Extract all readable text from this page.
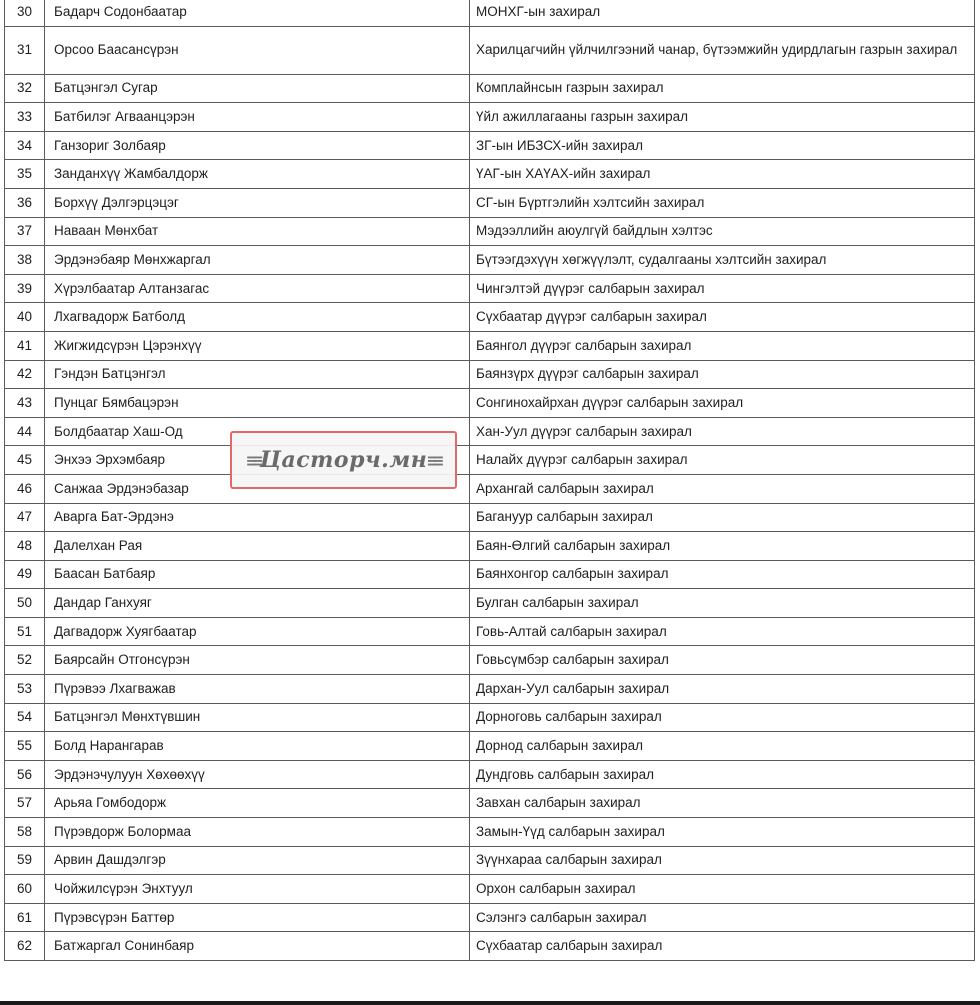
30	Бадарч Содонбаатар	МОНХГ-ын захирал
31	Орсоо Баасансүрэн	Харилцагчийн үйлчилгээний чанар, бүтээмжийн удирдлагын газрын захирал
32	Батцэнгэл Сугар	Комплайнсын газрын захирал
33	Батбилэг Агваанцэрэн	Үйл ажиллагааны газрын захирал
34	Ганзориг Золбаяр	ЗГ-ын ИБЗСХ-ийн захирал
35	Занданхүү Жамбалдорж	ҮАГ-ын ХАҮАХ-ийн захирал
36	Борхүү Дэлгэрцэцэг	СГ-ын Бүртгэлийн хэлтсийн захирал
37	Наваан Мөнхбат	Мэдээллийн аюулгүй байдлын хэлтэс
38	Эрдэнэбаяр Мөнхжаргал	Бүтээгдэхүүн хөгжүүлэлт, судалгааны хэлтсийн захирал
39	Хүрэлбаатар Алтанзагас	Чингэлтэй дүүрэг салбарын захирал
40	Лхагвадорж Батболд	Сүхбаатар дүүрэг салбарын захирал
41	Жигжидсүрэн Цэрэнхүү	Баянгол дүүрэг салбарын захирал
42	Гэндэн Батцэнгэл	Баянзүрх дүүрэг салбарын захирал
43	Пунцаг Бямбацэрэн	Сонгинохайрхан дүүрэг салбарын захирал
44	Болдбаатар Хаш-Од	Хан-Уул дүүрэг салбарын захирал
45	Энхээ Эрхэмбаяр	Налайх дүүрэг салбарын захирал
46	Санжаа Эрдэнэбазар	Архангай салбарын захирал
47	Аварга Бат-Эрдэнэ	Багануур салбарын захирал
48	Далелхан Рая	Баян-Өлгий салбарын захирал
49	Баасан Батбаяр	Баянхонгор салбарын захирал
50	Дандар Ганхуяг	Булган салбарын захирал
51	Дагвадорж Хуягбаатар	Говь-Алтай салбарын захирал
52	Баярсайн Отгонсүрэн	Говьсүмбэр салбарын захирал
53	Пүрэвээ Лхагважав	Дархан-Уул салбарын захирал
54	Батцэнгэл Мөнхтүвшин	Дорноговь салбарын захирал
55	Болд Нарангарав	Дорнод салбарын захирал
56	Эрдэнэчулуун Хөхөөхүү	Дундговь салбарын захирал
57	Арьяа Гомбодорж	Завхан салбарын захирал
58	Пүрэвдорж Болормаа	Замын-Үүд салбарын захирал
59	Арвин Дашдэлгэр	Зүүнхараа салбарын захирал
60	Чойжилсүрэн Энхтуул	Орхон салбарын захирал
61	Пүрэвсүрэн Баттөр	Сэлэнгэ салбарын захирал
62	Батжаргал Сонинбаяр	Сүхбаатар салбарын захирал
≡≡ Цасторч.мн ≡≡
